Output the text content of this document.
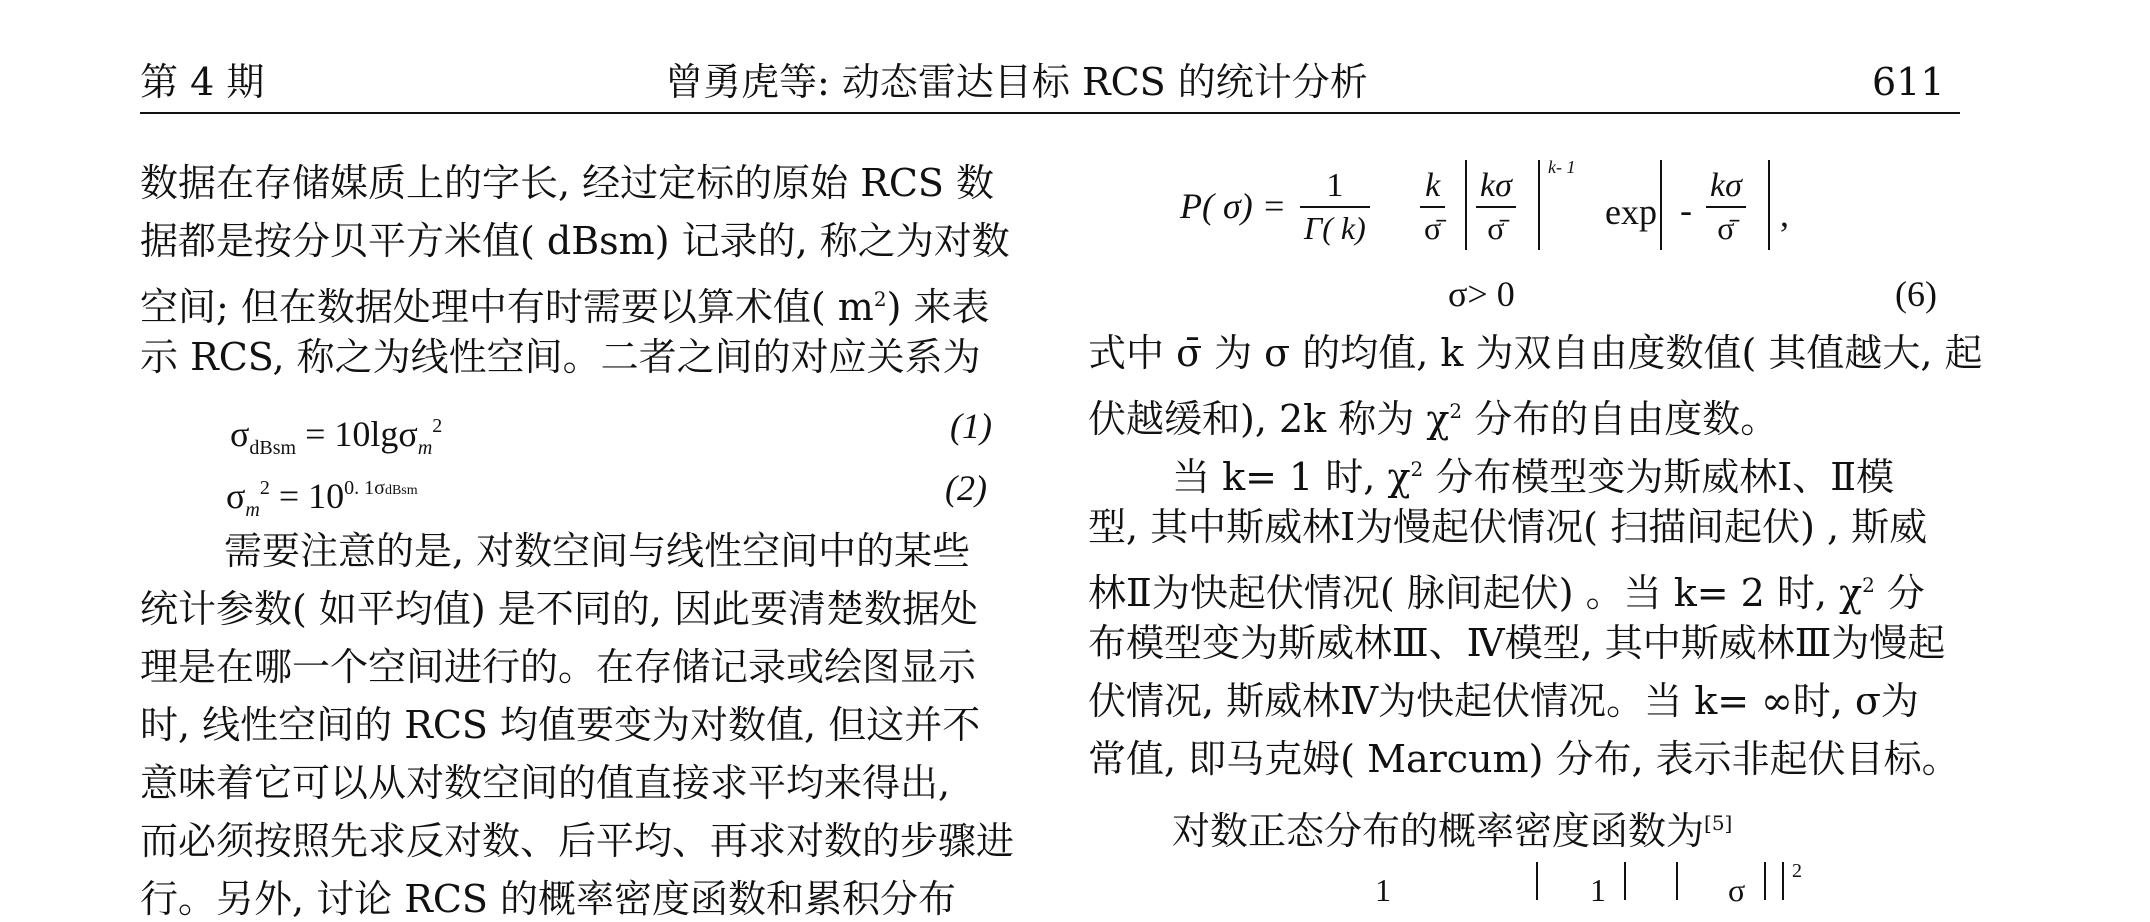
第 4 期	曾勇虎等: 动态雷达目标 RCS 的统计分析	611
数据在存储媒质上的字长, 经过定标的原始 RCS 数
据都是按分贝平方米值( dBsm) 记录的, 称之为对数
空间; 但在数据处理中有时需要以算术值( $m^2$) 来表
示 RCS, 称之为线性空间。二者之间的对应关系为
$\sigma_{dBsm} = 10\lg\sigma_m^2$	(1)
$\sigma_m^2 = 10^{0. 1\sigma dBsm}$	(2)
需要注意的是, 对数空间与线性空间中的某些
统计参数( 如平均值) 是不同的, 因此要清楚数据处
理是在哪一个空间进行的。在存储记录或绘图显示
时, 线性空间的 RCS 均值要变为对数值, 但这并不
意味着它可以从对数空间的值直接求平均来得出,
而必须按照先求反对数、后平均、再求对数的步骤进
行。另外, 讨论 RCS 的概率密度函数和累积分布
P( $\sigma) = \frac{1}{\Gamma( k)} \frac{k}{\sigmā} \frac{k\sigma}{\sigmā} k-$ 1
exp - $\frac{k\sigma}{\sigmā}$ ,
σ> 0	(6)
式中 σ̄ 为 σ 的均值, k 为双自由度数值( 其值越大, 起
伏越缓和), 2k 称为 $\chi^2$ 分布的自由度数。
当 k= 1 时, $\chi^2$ 分布模型变为斯威林Ⅰ、Ⅱ模
型, 其中斯威林Ⅰ为慢起伏情况( 扫描间起伏) , 斯威
林Ⅱ为快起伏情况( 脉间起伏) 。当 k= 2 时, $\chi^2$ 分
布模型变为斯威林Ⅲ、Ⅳ模型, 其中斯威林Ⅲ为慢起
伏情况, 斯威林Ⅳ为快起伏情况。当 k= ∞时, σ为
常值, 即马克姆( Marcum) 分布, 表示非起伏目标。
对数正态分布的概率密度函数为[5]
1	1	σ
2
